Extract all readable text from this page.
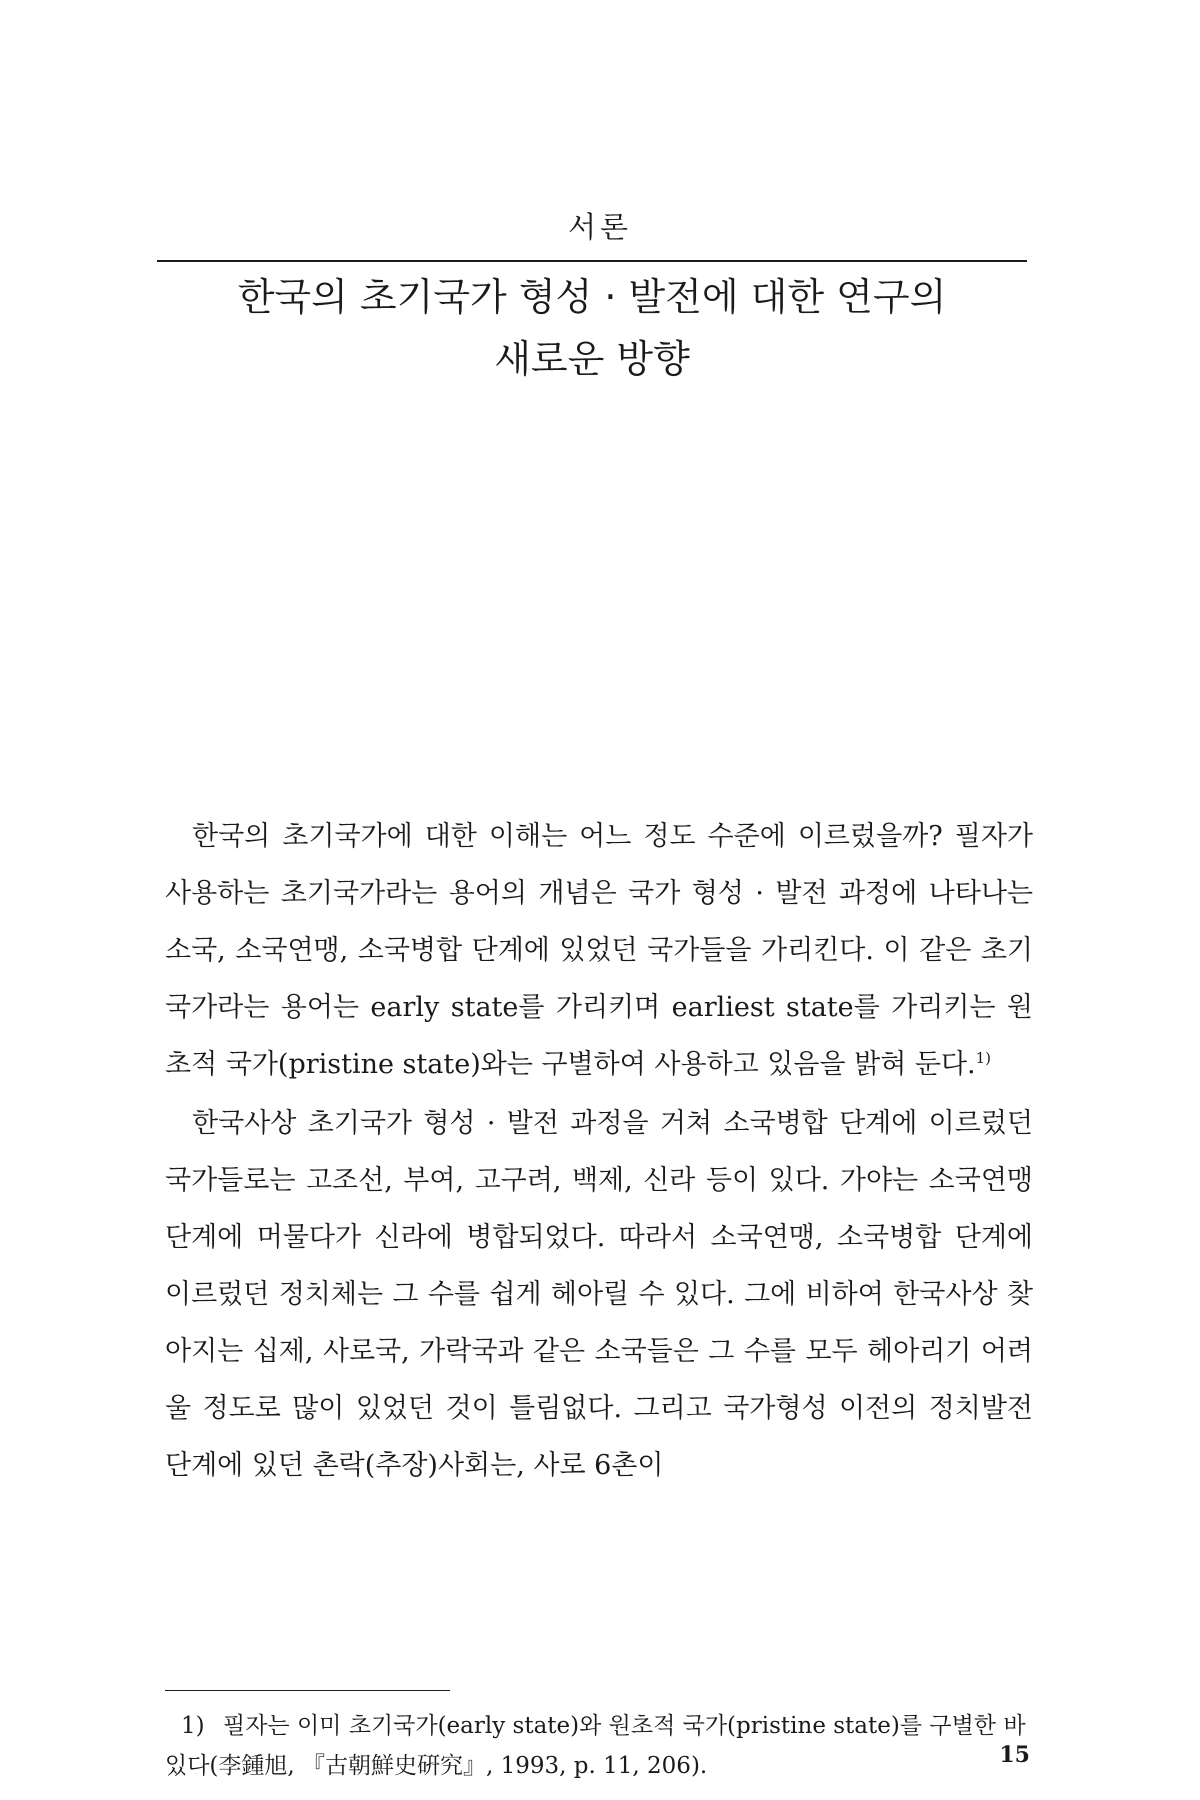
서론
한국의 초기국가 형성 · 발전에 대한 연구의
새로운 방향

한국의 초기국가에 대한 이해는 어느 정도 수준에 이르렀을까? 필자가 사용하는 초기국가라는 용어의 개념은 국가 형성 · 발전 과정에 나타나는 소국, 소국연맹, 소국병합 단계에 있었던 국가들을 가리킨다. 이 같은 초기국가라는 용어는 early state를 가리키며 earliest state를 가리키는 원초적 국가(pristine state)와는 구별하여 사용하고 있음을 밝혀 둔다.$^{1)}$

한국사상 초기국가 형성 · 발전 과정을 거쳐 소국병합 단계에 이르렀던 국가들로는 고조선, 부여, 고구려, 백제, 신라 등이 있다. 가야는 소국연맹 단계에 머물다가 신라에 병합되었다. 따라서 소국연맹, 소국병합 단계에 이르렀던 정치체는 그 수를 쉽게 헤아릴 수 있다. 그에 비하여 한국사상 찾아지는 십제, 사로국, 가락국과 같은 소국들은 그 수를 모두 헤아리기 어려울 정도로 많이 있었던 것이 틀림없다. 그리고 국가형성 이전의 정치발전단계에 있던 촌락(추장)사회는, 사로 6촌이

1) 필자는 이미 초기국가(early state)와 원초적 국가(pristine state)를 구별한 바 있다(李鍾旭, 『古朝鮮史硏究』, 1993, p. 11, 206).	15
